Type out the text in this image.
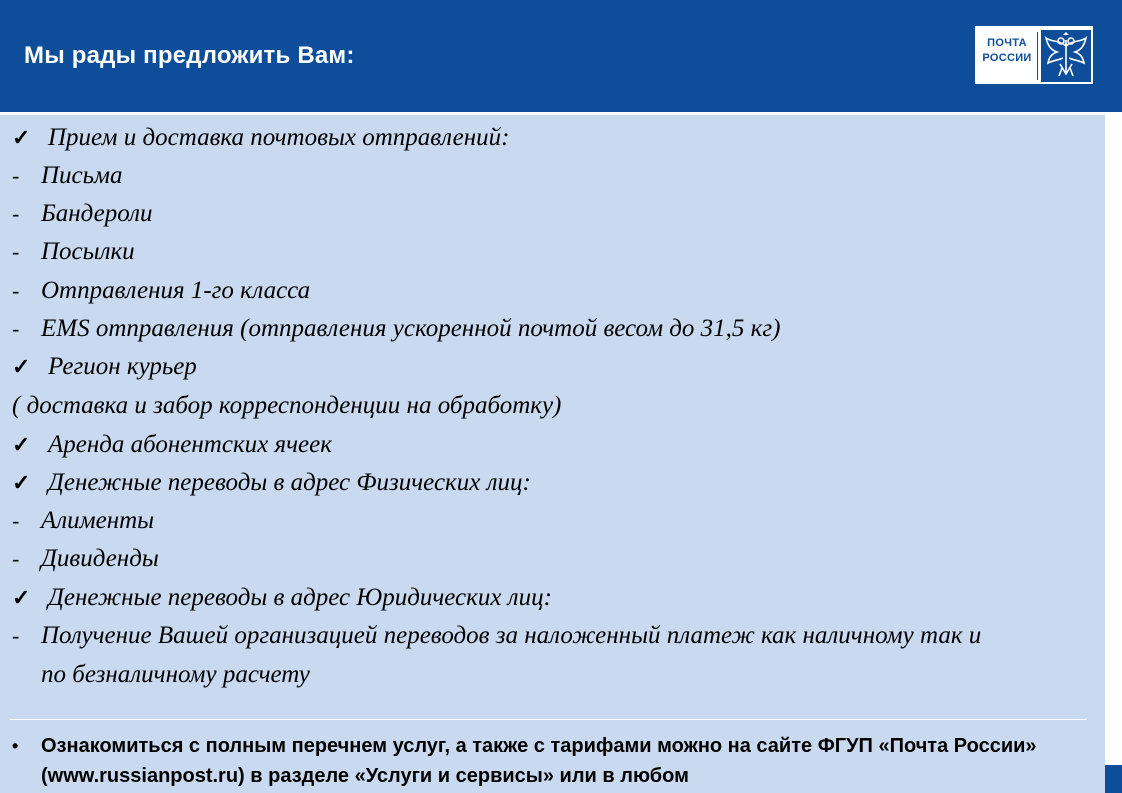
Мы рады предложить Вам:	ПОЧТА
РОССИИ
✓ Прием и доставка почтовых отправлений:
- Письма
- Бандероли
- Посылки
- Отправления 1-го класса
- EMS отправления (отправления ускоренной почтой весом до 31,5 кг)
✓ Регион курьер
( доставка и забор корреспонденции на обработку)
✓ Аренда абонентских ячеек
✓ Денежные переводы в адрес Физических лиц:
- Алименты
- Дивиденды
✓ Денежные переводы в адрес Юридических лиц:
- Получение Вашей организацией переводов за наложенный платеж как наличному так и
по безналичному расчету
• Ознакомиться с полным перечнем услуг, а также с тарифами можно на сайте ФГУП «Почта России» (www.russianpost.ru) в разделе «Услуги и сервисы» или в любом
